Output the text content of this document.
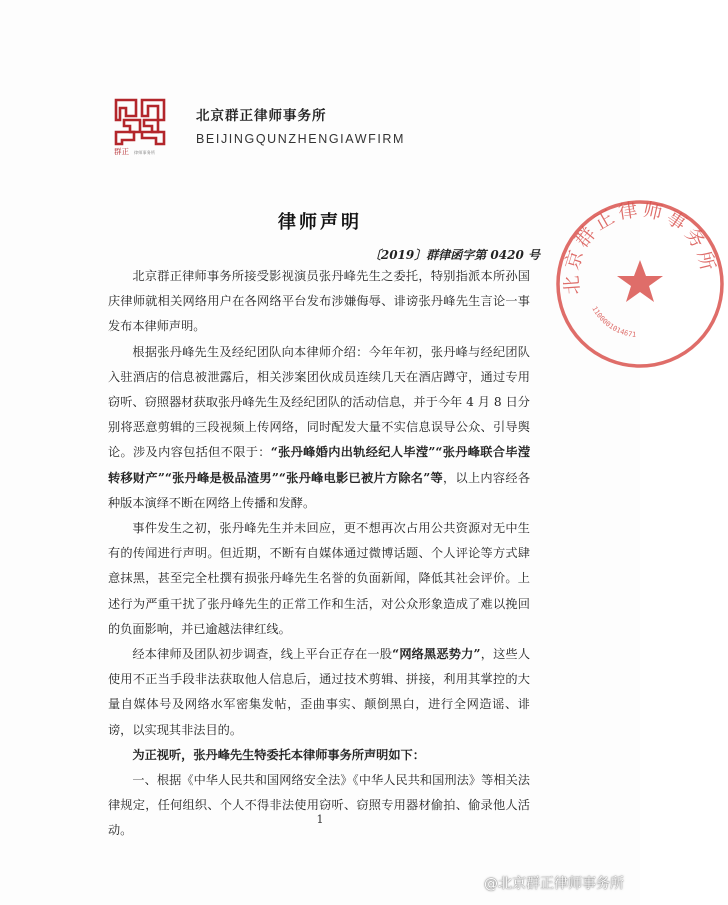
群正 律师事务所
北京群正律师事务所
BEIJINGQUNZHENGIAWFIRM
律师声明
〔2019〕群律函字第 0420 号

北京群正律师事务所接受影视演员张丹峰先生之委托，特别指派本所孙国庆律师就相关网络用户在各网络平台发布涉嫌侮辱、诽谤张丹峰先生言论一事发布本律师声明。

根据张丹峰先生及经纪团队向本律师介绍：今年年初，张丹峰与经纪团队入驻酒店的信息被泄露后，相关涉案团伙成员连续几天在酒店蹲守，通过专用窃听、窃照器材获取张丹峰先生及经纪团队的活动信息，并于今年 4 月 8 日分别将恶意剪辑的三段视频上传网络，同时配发大量不实信息误导公众、引导舆论。涉及内容包括但不限于：“张丹峰婚内出轨经纪人毕滢”“张丹峰联合毕滢转移财产”“张丹峰是极品渣男”“张丹峰电影已被片方除名”等，以上内容经各种版本演绎不断在网络上传播和发酵。

事件发生之初，张丹峰先生并未回应，更不想再次占用公共资源对无中生有的传闻进行声明。但近期，不断有自媒体通过微博话题、个人评论等方式肆意抹黑，甚至完全杜撰有损张丹峰先生名誉的负面新闻，降低其社会评价。上述行为严重干扰了张丹峰先生的正常工作和生活，对公众形象造成了难以挽回的负面影响，并已逾越法律红线。

经本律师及团队初步调查，线上平台正存在一股“网络黑恶势力”，这些人使用不正当手段非法获取他人信息后，通过技术剪辑、拼接，利用其掌控的大量自媒体号及网络水军密集发帖，歪曲事实、颠倒黑白，进行全网造谣、诽谤，以实现其非法目的。

为正视听，张丹峰先生特委托本律师事务所声明如下：

一、根据《中华人民共和国网络安全法》《中华人民共和国刑法》等相关法律规定，任何组织、个人不得非法使用窃听、窃照专用器材偷拍、偷录他人活动。

1
北京群正律师事务所
1100001014671
@北京群正律师事务所
